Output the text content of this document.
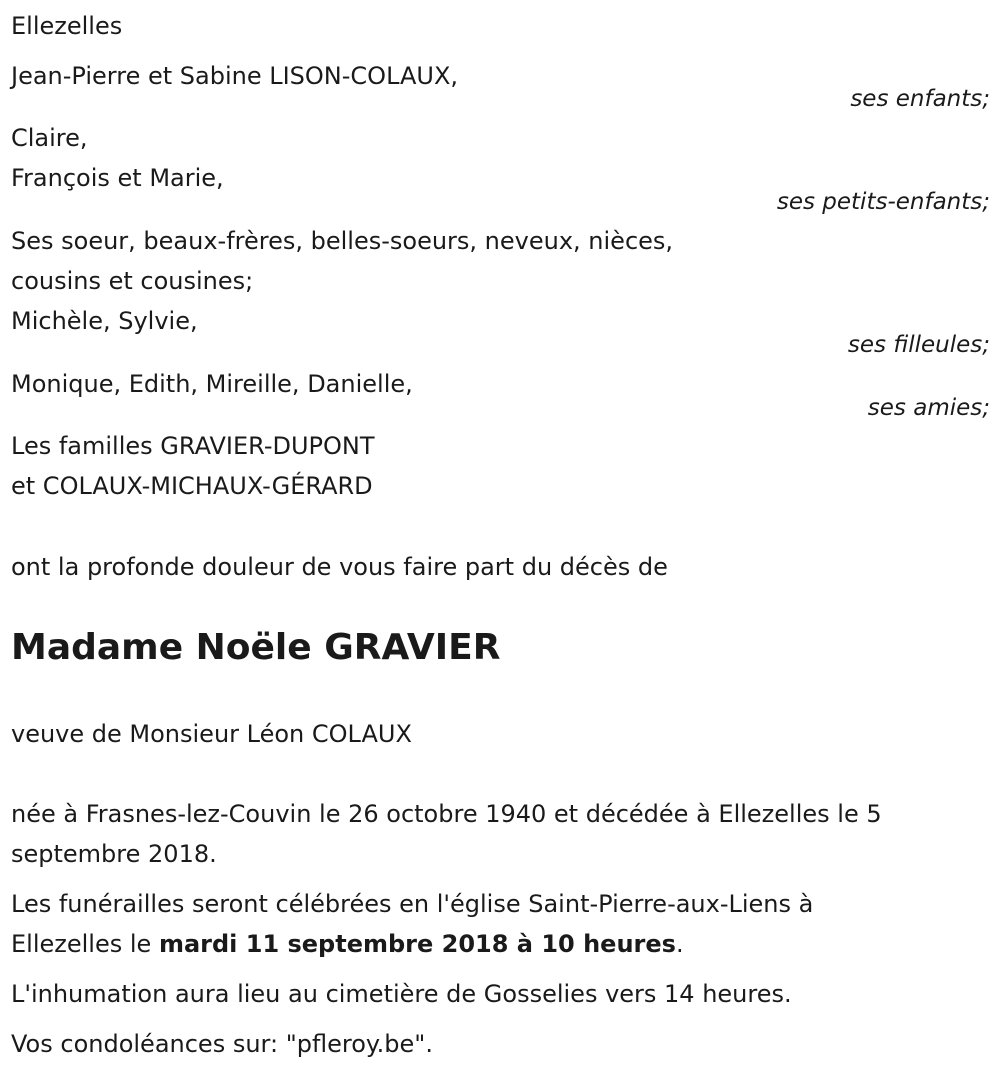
Ellezelles
Jean-Pierre et Sabine LISON-COLAUX,
ses enfants;
Claire,
François et Marie,
ses petits-enfants;
Ses soeur, beaux-frères, belles-soeurs, neveux, nièces,
cousins et cousines;
Michèle, Sylvie,
ses filleules;
Monique, Edith, Mireille, Danielle,
ses amies;
Les familles GRAVIER-DUPONT
et COLAUX-MICHAUX-GÉRARD
ont la profonde douleur de vous faire part du décès de
Madame Noële GRAVIER
veuve de Monsieur Léon COLAUX
née à Frasnes-lez-Couvin le 26 octobre 1940 et décédée à Ellezelles le 5
septembre 2018.
Les funérailles seront célébrées en l'église Saint-Pierre-aux-Liens à
Ellezelles le mardi 11 septembre 2018 à 10 heures.
L'inhumation aura lieu au cimetière de Gosselies vers 14 heures.
Vos condoléances sur: "pfleroy.be".
